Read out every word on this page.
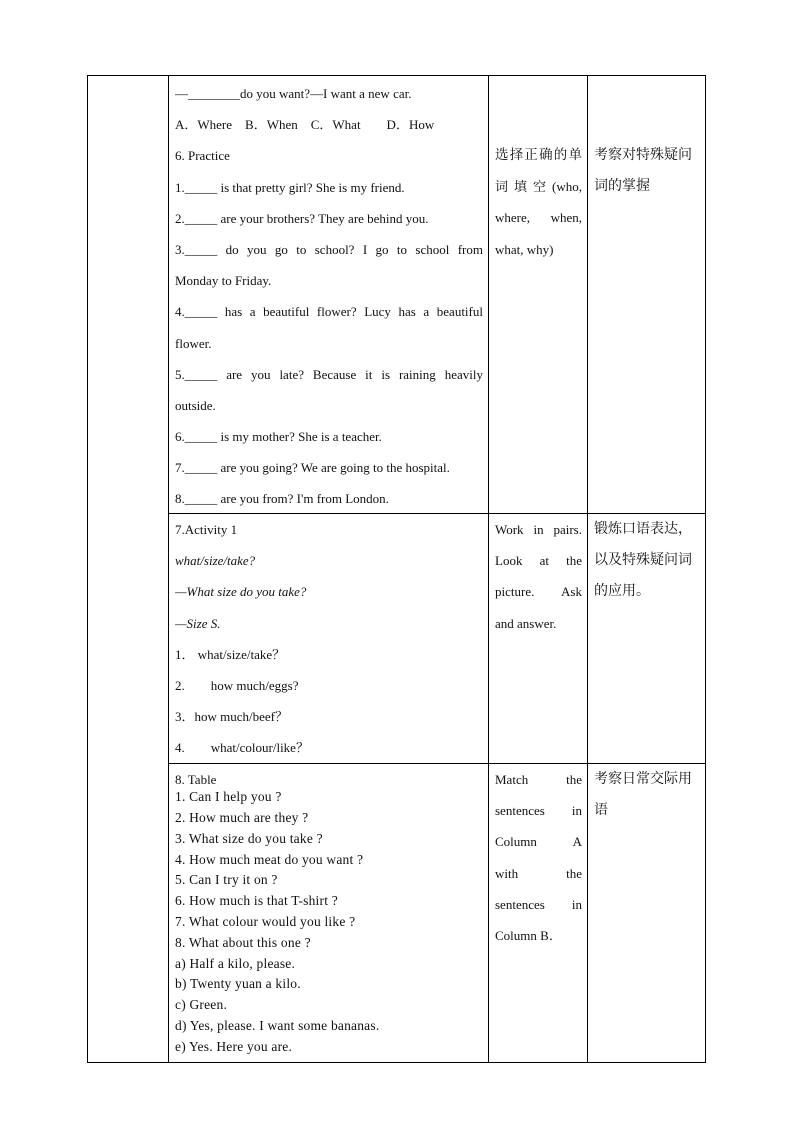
—________do you want?—I want a new car.
A．Where　B．When　C．What　　D．How
6. Practice
1._____ is that pretty girl? She is my friend.
2._____ are your brothers? They are behind you.
3._____ do you go to school? I go to school from
Monday to Friday.
4._____ has a beautiful flower? Lucy has a beautiful
flower.
5._____ are you late? Because it is raining heavily
outside.
6._____ is my mother? She is a teacher.
7._____ are you going? We are going to the hospital.
8._____ are you from? I'm from London.
选择正确的单
词 填 空 (who,
where, when,
what, why)
考察对特殊疑问
词的掌握
7.Activity 1
what/size/take?
—What size do you take?
—Size S.
1． what/size/take？
2.　　how much/eggs?
3．how much/beef？
4.　　what/colour/like？
Work in pairs.
Look at the
picture. Ask
and answer.
锻炼口语表达，
以及特殊疑问词
的应用。
8. Table
1. Can I help you ?
2. How much are they ?
3. What size do you take ?
4. How much meat do you want ?
5. Can I try it on ?
6. How much is that T-shirt ?
7. What colour would you like ?
8. What about this one ?
a) Half a kilo, please.
b) Twenty yuan a kilo.
c) Green.
d) Yes, please. I want some bananas.
e) Yes. Here you are.
Match the
sentences in
Column A
with the
sentences in
Column B．
考察日常交际用
语
